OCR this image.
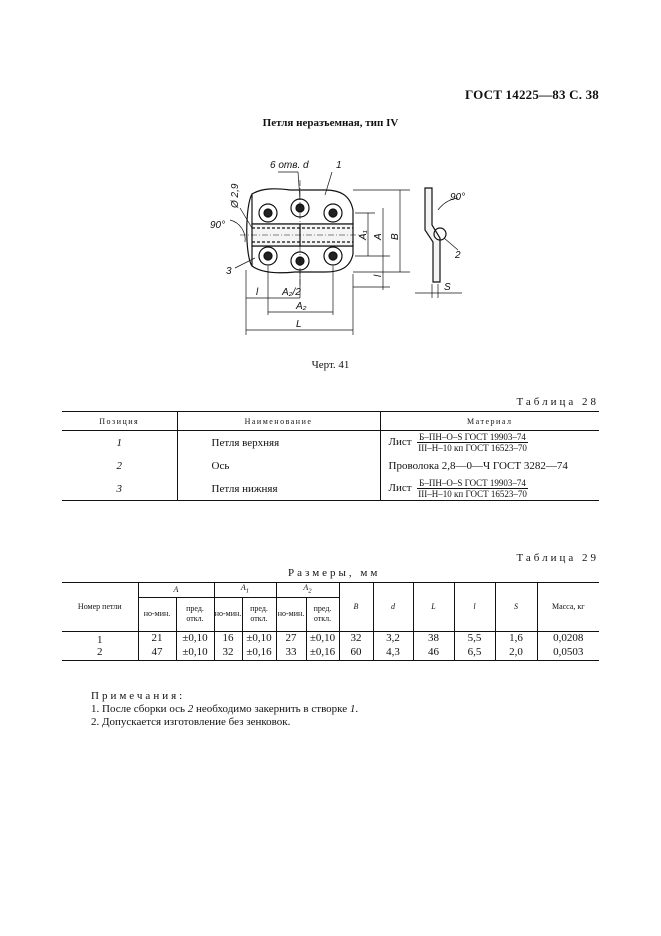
ГОСТ 14225—83 С. 38
Петля неразъемная, тип IV
6 отв. d	1
2
3
Ø 2,9
90°
90°
A₁ A B
l
l A₂/2
A₂
L
S
Черт. 41
Таблица 28
Позиция	Наименование	Материал
1	Петля верхняя	Лист $\frac{\text{Б–ПН–О–S ГОСТ 19903–74}}{\text{III–Н–10 кп ГОСТ 16523–70}}$

2	Ось	Проволока 2,8—0—Ч ГОСТ 3282—74
3	Петля нижняя	Лист $\frac{\text{Б–ПН–О–S ГОСТ 19903–74}}{\text{III–Н–10 кп ГОСТ 16523–70}}$
Таблица 29
Размеры, мм
Номер петли	A		$A_1$		$A_2$		B	d	L	l	S	Масса, кг
	но-мин.	пред. откл.	но-мин.	пред. откл.	но-мин.	пред. откл.						
1	21	±0,10	16	±0,10	27	±0,10	32	3,2	38	5,5	1,6	0,0208
2	47	±0,10	32	±0,16	33	±0,16	60	4,3	46	6,5	2,0	0,0503
Примечания:
1. После сборки ось 2 необходимо закернить в створке 1.
2. Допускается изготовление без зенковок.
